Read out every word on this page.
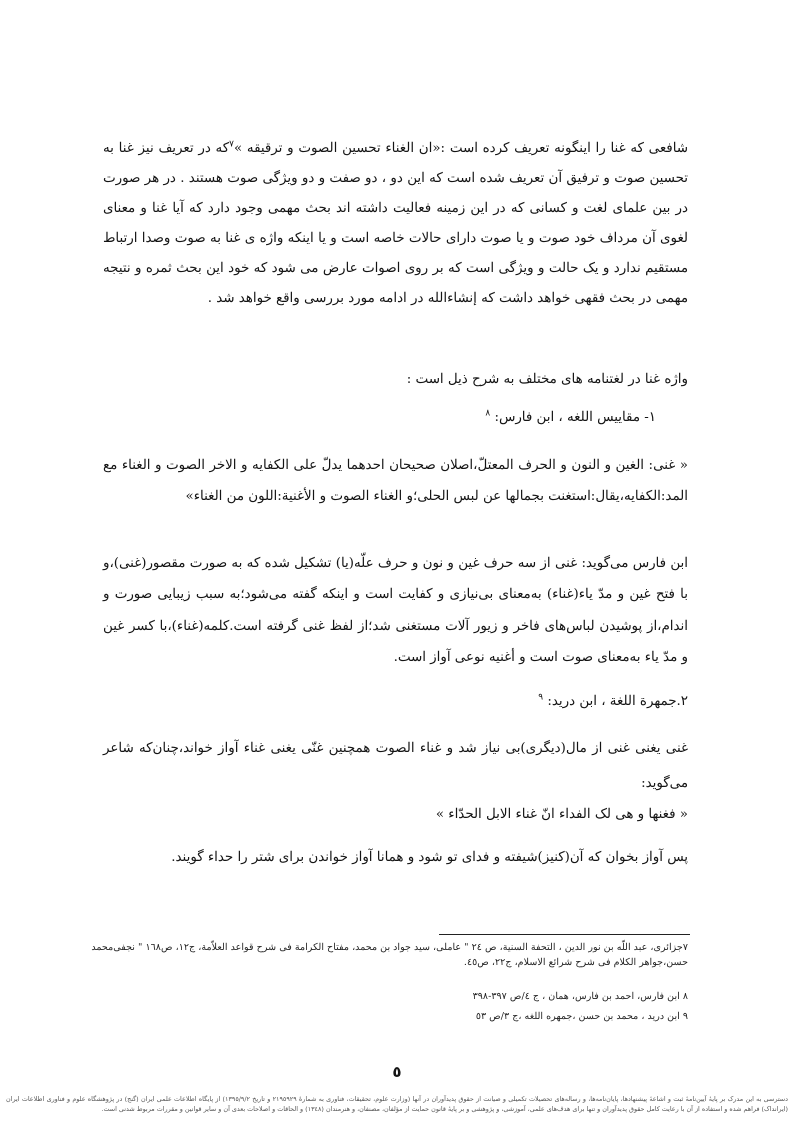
شافعی که غنا را اینگونه تعریف کرده است :«ان الغناء تحسین الصوت و ترقیقه »$^٧$که در تعریف نیز غنا به تحسین صوت و ترفیق آن تعریف شده است که این دو ، دو صفت و دو ویژگی صوت هستند . در هر صورت در بین علمای لغت و کسانی که در این زمینه فعالیت داشته اند بحث مهمی وجود دارد که آیا غنا و معنای لغوی آن مرداف خود صوت و یا صوت دارای حالات خاصه است و یا اینکه واژه ی غنا به صوت وصدا ارتباط مستقیم ندارد و یک حالت و ویژگی است که بر روی اصوات عارض می شود که خود این بحث ثمره و نتیجه مهمی در بحث فقهی خواهد داشت که إنشاءالله در ادامه مورد بررسی واقع خواهد شد .
واژه غنا در لغتنامه های مختلف به شرح ذیل است :
١- مقاییس اللغه ، ابن فارس: $^٨$
« غنی: الغین و النون و الحرف المعتلّ،اصلان صحیحان احدهما یدلّ علی الکفایه و الاخر الصوت و الغناء مع المد:الکفایه،یقال:استغنت بجمالها عن لبس الحلی؛و الغناء الصوت و الأغنیة:اللون من الغناء»
ابن فارس می‌گوید: غنی از سه حرف غین و نون و حرف علّه(یا) تشکیل شده که به صورت مقصور(غنی)،و با فتح غین و مدّ یاء(غناء) به‌معنای بی‌نیازی و کفایت است و اینکه گفته می‌شود؛به سبب زیبایی صورت و اندام،از پوشیدن لباس‌های فاخر و زیور آلات مستغنی شد؛از لفظ غنی گرفته است.کلمه(غناء)،با کسر غین و مدّ یاء به‌معنای صوت است و أغنیه نوعی آواز است.
٢.جمهرة اللغة ، ابن درید: $^٩$
غنی یغنی غنی از مال(دیگری)بی نیاز شد و غناء الصوت همچنین غنّی یغنی غناء آواز خواند،چنان‌که شاعر می‌گوید:
« فغنها و هی لک الفداء انّ غناء الابل الحدّاء »
پس آواز بخوان که آن(کنیز)شیفته و فدای تو شود و همانا آواز خواندن برای شتر را حداء گویند.
٧جزائری، عبد اللّه بن نور الدین ، التحفة السنیة، ص ٢٤ " عاملی، سید جواد بن محمد، مفتاح الکرامة فی شرح قواعد العلاّمة، ج١٢، ص١٦٨ " نجفی‌محمد حسن،جواهر الکلام فی شرح شرائع الاسلام، ج٢٢، ص٤٥.
٨ ابن فارس، احمد بن فارس، همان ، ج ٤/ص ٣٩٧-٣٩٨
٩ ابن درید ، محمد بن حسن ،جمهره اللغه ،ج ٣/ص ٥٣
٥
دسترسی به این مدرک بر پایهٔ آیین‌نامهٔ ثبت و اشاعهٔ پیشنهادها، پایان‌نامه‌ها، و رساله‌های تحصیلات تکمیلی و صیانت از حقوق پدیدآوران در آنها (وزارت علوم، تحقیقات، فناوری به شمارهٔ ٢١٩٥٩٢٩ و تاریخ ١٣٩٥/٩/٢) از پایگاه اطلاعات علمی ایران (گنج) در پژوهشگاه علوم و فناوری اطلاعات ایران (ایرانداک) فراهم شده و استفاده از آن با رعایت کامل حقوق پدیدآوران و تنها برای هدف‌های علمی، آموزشی، و پژوهشی و بر پایهٔ قانون حمایت از مؤلفان، مصنفان، و هنرمندان (١٣٤٨) و الحاقات و اصلاحات بعدی آن و سایر قوانین و مقررات مربوط شدنی است.
